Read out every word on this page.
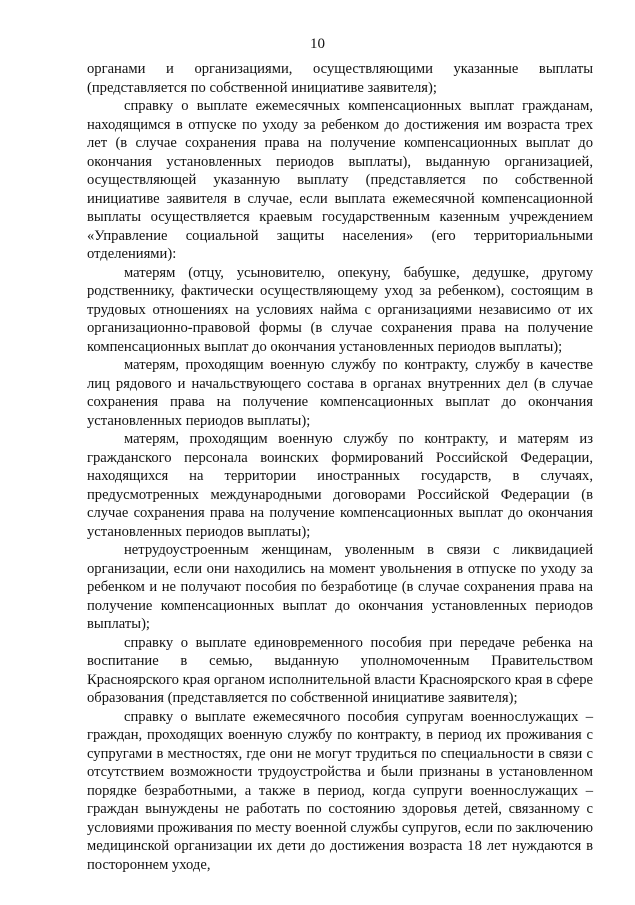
10

органами и организациями, осуществляющими указанные выплаты (представляется по собственной инициативе заявителя);

справку о выплате ежемесячных компенсационных выплат гражданам, находящимся в отпуске по уходу за ребенком до достижения им возраста трех лет (в случае сохранения права на получение компенсационных выплат до окончания установленных периодов выплаты), выданную организацией, осуществляющей указанную выплату (представляется по собственной инициативе заявителя в случае, если выплата ежемесячной компенсационной выплаты осуществляется краевым государственным казенным учреждением «Управление социальной защиты населения» (его территориальными отделениями):

матерям (отцу, усыновителю, опекуну, бабушке, дедушке, другому родственнику, фактически осуществляющему уход за ребенком), состоящим в трудовых отношениях на условиях найма с организациями независимо от их организационно-правовой формы (в случае сохранения права на получение компенсационных выплат до окончания установленных периодов выплаты);

матерям, проходящим военную службу по контракту, службу в качестве лиц рядового и начальствующего состава в органах внутренних дел (в случае сохранения права на получение компенсационных выплат до окончания установленных периодов выплаты);

матерям, проходящим военную службу по контракту, и матерям из гражданского персонала воинских формирований Российской Федерации, находящихся на территории иностранных государств, в случаях, предусмотренных международными договорами Российской Федерации (в случае сохранения права на получение компенсационных выплат до окончания установленных периодов выплаты);

нетрудоустроенным женщинам, уволенным в связи с ликвидацией организации, если они находились на момент увольнения в отпуске по уходу за ребенком и не получают пособия по безработице (в случае сохранения права на получение компенсационных выплат до окончания установленных периодов выплаты);

справку о выплате единовременного пособия при передаче ребенка на воспитание в семью, выданную уполномоченным Правительством Красноярского края органом исполнительной власти Красноярского края в сфере образования (представляется по собственной инициативе заявителя);

справку о выплате ежемесячного пособия супругам военнослужащих – граждан, проходящих военную службу по контракту, в период их проживания с супругами в местностях, где они не могут трудиться по специальности в связи с отсутствием возможности трудоустройства и были признаны в установленном порядке безработными, а также в период, когда супруги военнослужащих – граждан вынуждены не работать по состоянию здоровья детей, связанному с условиями проживания по месту военной службы супругов, если по заключению медицинской организации их дети до достижения возраста 18 лет нуждаются в постороннем уходе,
